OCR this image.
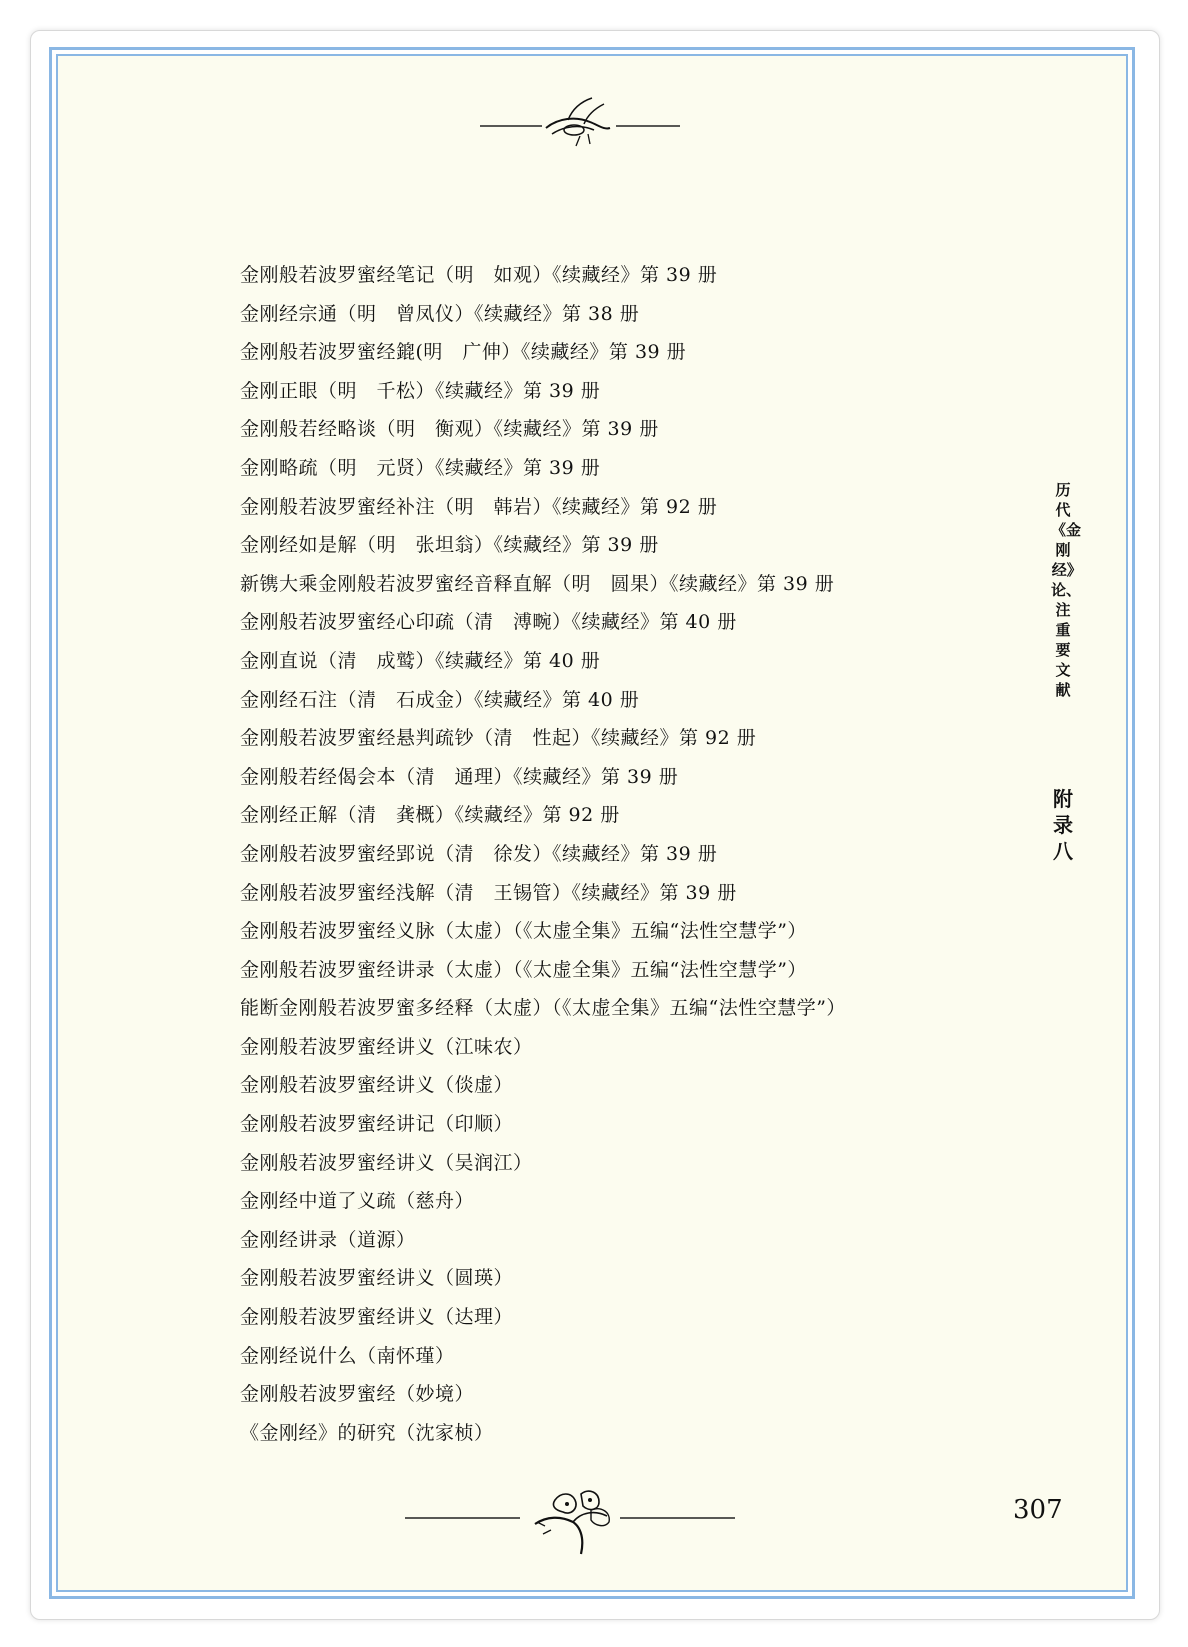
金刚般若波罗蜜经笔记（明　如观）《续藏经》第 39 册
金刚经宗通（明　曾凤仪）《续藏经》第 38 册
金刚般若波罗蜜经鎞(明　广伸）《续藏经》第 39 册
金刚正眼（明　千松）《续藏经》第 39 册
金刚般若经略谈（明　衡观）《续藏经》第 39 册
金刚略疏（明　元贤）《续藏经》第 39 册
金刚般若波罗蜜经补注（明　韩岩）《续藏经》第 92 册
金刚经如是解（明　张坦翁）《续藏经》第 39 册
新镌大乘金刚般若波罗蜜经音释直解（明　圆果）《续藏经》第 39 册
金刚般若波罗蜜经心印疏（清　溥畹）《续藏经》第 40 册
金刚直说（清　成鹫）《续藏经》第 40 册
金刚经石注（清　石成金）《续藏经》第 40 册
金刚般若波罗蜜经悬判疏钞（清　性起）《续藏经》第 92 册
金刚般若经偈会本（清　通理）《续藏经》第 39 册
金刚经正解（清　龚概）《续藏经》第 92 册
金刚般若波罗蜜经郢说（清　徐发）《续藏经》第 39 册
金刚般若波罗蜜经浅解（清　王锡管）《续藏经》第 39 册
金刚般若波罗蜜经义脉（太虚）（《太虚全集》五编“法性空慧学”）
金刚般若波罗蜜经讲录（太虚）（《太虚全集》五编“法性空慧学”）
能断金刚般若波罗蜜多经释（太虚）（《太虚全集》五编“法性空慧学”）
金刚般若波罗蜜经讲义（江味农）
金刚般若波罗蜜经讲义（倓虚）
金刚般若波罗蜜经讲记（印顺）
金刚般若波罗蜜经讲义（吴润江）
金刚经中道了义疏（慈舟）
金刚经讲录（道源）
金刚般若波罗蜜经讲义（圆瑛）
金刚般若波罗蜜经讲义（达理）
金刚经说什么（南怀瑾）
金刚般若波罗蜜经（妙境）
《金刚经》的研究（沈家桢）
历代《金刚经》论、注重要文献
附录八
307
